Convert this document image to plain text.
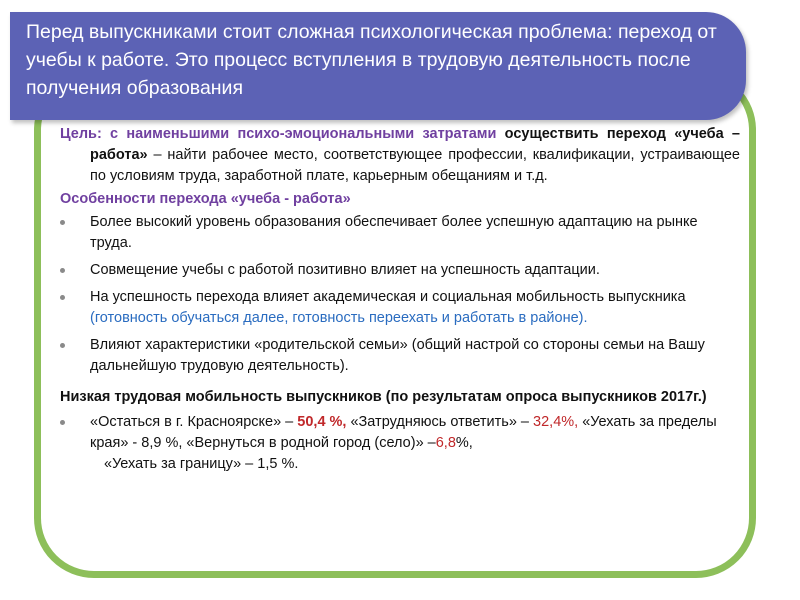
Перед выпускниками стоит сложная психологическая проблема: переход от учебы к работе. Это процесс вступления в трудовую деятельность после получения образования

Цель: с наименьшими психо-эмоциональными затратами осуществить переход «учеба – работа» – найти рабочее место, соответствующее профессии, квалификации, устраивающее по условиям труда, заработной плате, карьерным обещаниям и т.д.

Особенности перехода «учеба - работа»
Более высокий уровень образования обеспечивает более успешную адаптацию на рынке труда.
Совмещение учебы с работой позитивно влияет на успешность адаптации.
На успешность перехода влияет академическая и социальная мобильность выпускника (готовность обучаться далее, готовность переехать и работать в районе).
Влияют характеристики «родительской семьи» (общий настрой со стороны семьи на Вашу дальнейшую трудовую деятельность).
Низкая трудовая мобильность выпускников (по результатам опроса выпускников 2017г.)
«Остаться в г. Красноярске» – 50,4 %, «Затрудняюсь ответить» – 32,4%, «Уехать за пределы края» - 8,9 %, «Вернуться в родной город (село)» –6,8%,
«Уехать за границу» – 1,5 %.
